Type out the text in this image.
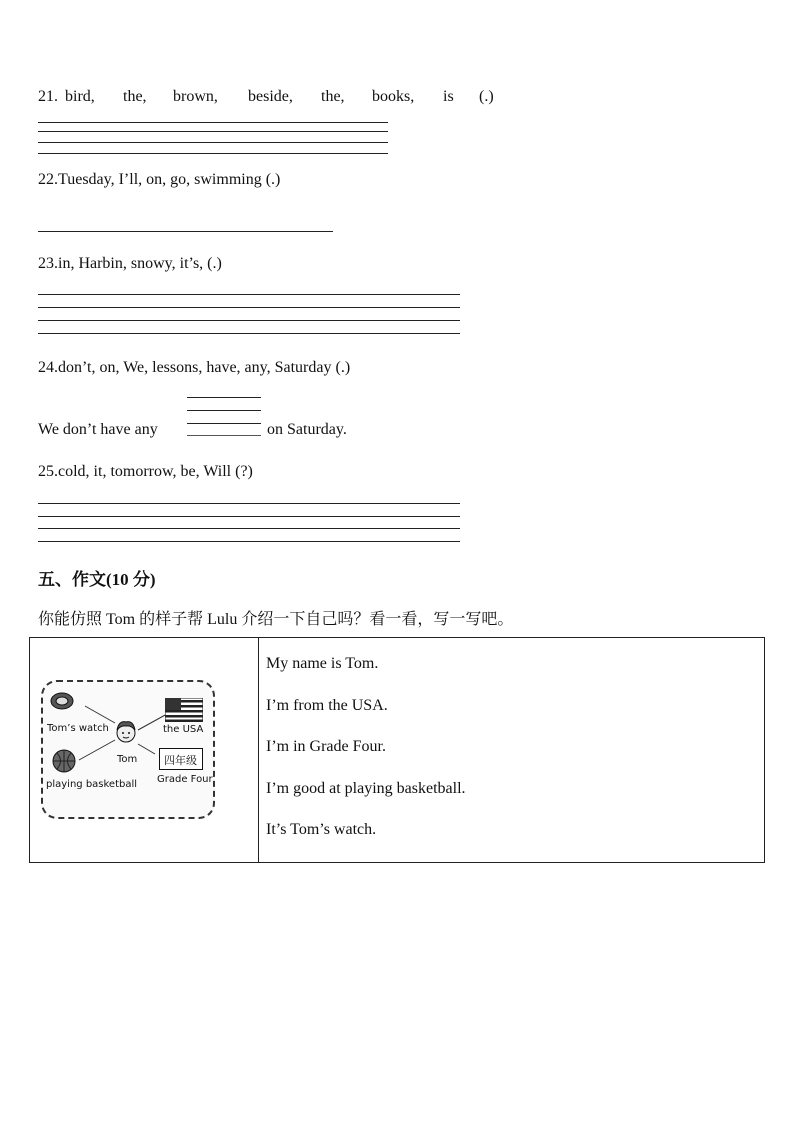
21. bird, the, brown, beside, the, books, is (.)
22.Tuesday, I’ll, on, go, swimming (.)
23.in, Harbin, snowy, it’s, (.)
24.don’t, on, We, lessons, have, any, Saturday (.)
We don’t have any	on Saturday.
25.cold, it, tomorrow, be, Will (?)
五、作文(10 分)
你能仿照 Tom 的样子帮 Lulu 介绍一下自己吗？看一看，写一写吧。
Tom’s watch	the USA
Tom
playing basketball
四年级
Grade Four

My name is Tom.
I’m from the USA.
I’m in Grade Four.
I’m good at playing basketball.
It’s Tom’s watch.
